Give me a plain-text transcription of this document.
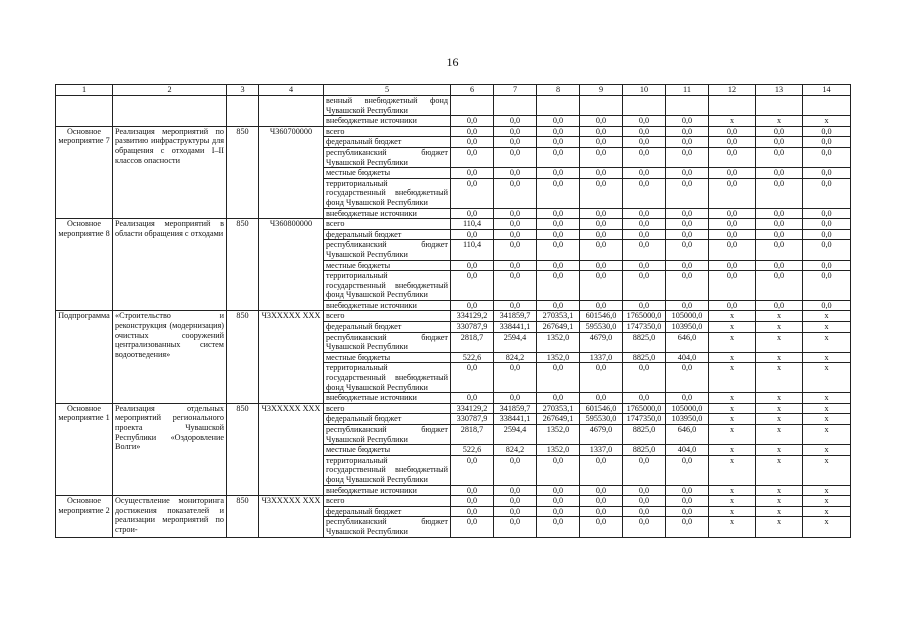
16
1	2	3	4	5	6	7	8	9	10	11	12	13	14
				венный внебюджетный фонд Чувашской Республики									
				внебюджетные источники	0,0	0,0	0,0	0,0	0,0	0,0	х	х	х
Основное мероприятие 7	Реализация мероприятий по развитию инфраструктуры для обращения с отходами I–II классов опасности	850	Ч360700000	всего	0,0	0,0	0,0	0,0	0,0	0,0	0,0	0,0	0,0
				федеральный бюджет	0,0	0,0	0,0	0,0	0,0	0,0	0,0	0,0	0,0
				республиканский бюджет Чувашской Республики	0,0	0,0	0,0	0,0	0,0	0,0	0,0	0,0	0,0
				местные бюджеты	0,0	0,0	0,0	0,0	0,0	0,0	0,0	0,0	0,0
				территориальный государственный внебюджетный фонд Чувашской Республики	0,0	0,0	0,0	0,0	0,0	0,0	0,0	0,0	0,0
				внебюджетные источники	0,0	0,0	0,0	0,0	0,0	0,0	0,0	0,0	0,0
Основное мероприятие 8	Реализация мероприятий в области обращения с отходами	850	Ч360800000	всего	110,4	0,0	0,0	0,0	0,0	0,0	0,0	0,0	0,0
				федеральный бюджет	0,0	0,0	0,0	0,0	0,0	0,0	0,0	0,0	0,0
				республиканский бюджет Чувашской Республики	110,4	0,0	0,0	0,0	0,0	0,0	0,0	0,0	0,0
				местные бюджеты	0,0	0,0	0,0	0,0	0,0	0,0	0,0	0,0	0,0
				территориальный государственный внебюджетный фонд Чувашской Республики	0,0	0,0	0,0	0,0	0,0	0,0	0,0	0,0	0,0
				внебюджетные источники	0,0	0,0	0,0	0,0	0,0	0,0	0,0	0,0	0,0
Подпрограмма	«Строительство и реконструкция (модернизация) очистных сооружений централизованных систем водоотведения»	850	Ч3ХХХХХ ХХХ	всего	334129,2	341859,7	270353,1	601546,0	1765000,0	105000,0	х	х	х
				федеральный бюджет	330787,9	338441,1	267649,1	595530,0	1747350,0	103950,0	х	х	х
				республиканский бюджет Чувашской Республики	2818,7	2594,4	1352,0	4679,0	8825,0	646,0	х	х	х
				местные бюджеты	522,6	824,2	1352,0	1337,0	8825,0	404,0	х	х	х
				территориальный государственный внебюджетный фонд Чувашской Республики	0,0	0,0	0,0	0,0	0,0	0,0	х	х	х
				внебюджетные источники	0,0	0,0	0,0	0,0	0,0	0,0	х	х	х
Основное мероприятие 1	Реализация отдельных мероприятий регионального проекта Чувашской Республики «Оздоровление Волги»	850	Ч3ХХХХХ ХХХ	всего	334129,2	341859,7	270353,1	601546,0	1765000,0	105000,0	х	х	х
				федеральный бюджет	330787,9	338441,1	267649,1	595530,0	1747350,0	103950,0	х	х	х
				республиканский бюджет Чувашской Республики	2818,7	2594,4	1352,0	4679,0	8825,0	646,0	х	х	х
				местные бюджеты	522,6	824,2	1352,0	1337,0	8825,0	404,0	х	х	х
				территориальный государственный внебюджетный фонд Чувашской Республики	0,0	0,0	0,0	0,0	0,0	0,0	х	х	х
				внебюджетные источники	0,0	0,0	0,0	0,0	0,0	0,0	х	х	х
Основное мероприятие 2	Осуществление мониторинга достижения показателей и реализации мероприятий по строи-	850	Ч3ХХХХХ ХХХ	всего	0,0	0,0	0,0	0,0	0,0	0,0	х	х	х
				федеральный бюджет	0,0	0,0	0,0	0,0	0,0	0,0	х	х	х
				республиканский бюджет Чувашской Республики	0,0	0,0	0,0	0,0	0,0	0,0	х	х	х
